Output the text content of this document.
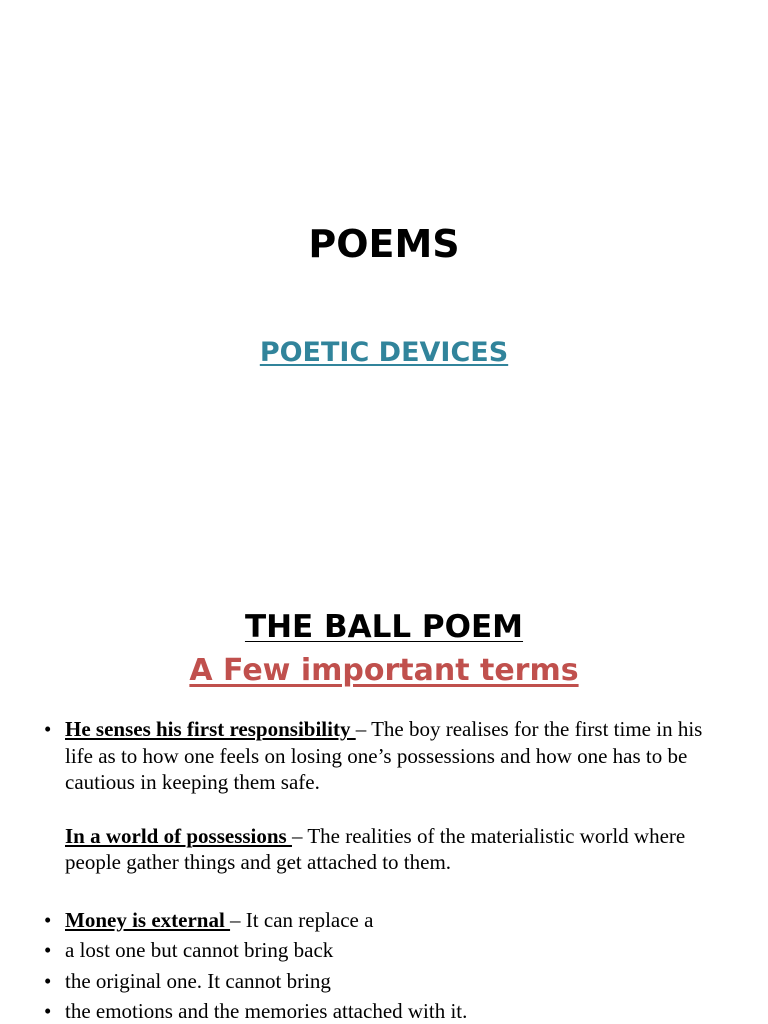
POEMS
POETIC DEVICES
THE BALL POEM
A Few important terms
• He senses his first responsibility – The boy realises for the first time in his life as to how one feels on losing one’s possessions and how one has to be cautious in keeping them safe.
In a world of possessions – The realities of the materialistic world where people gather things and get attached to them.
• Money is external – It can replace a
• a lost one but cannot bring back
• the original one. It cannot bring
• the emotions and the memories attached with it.
